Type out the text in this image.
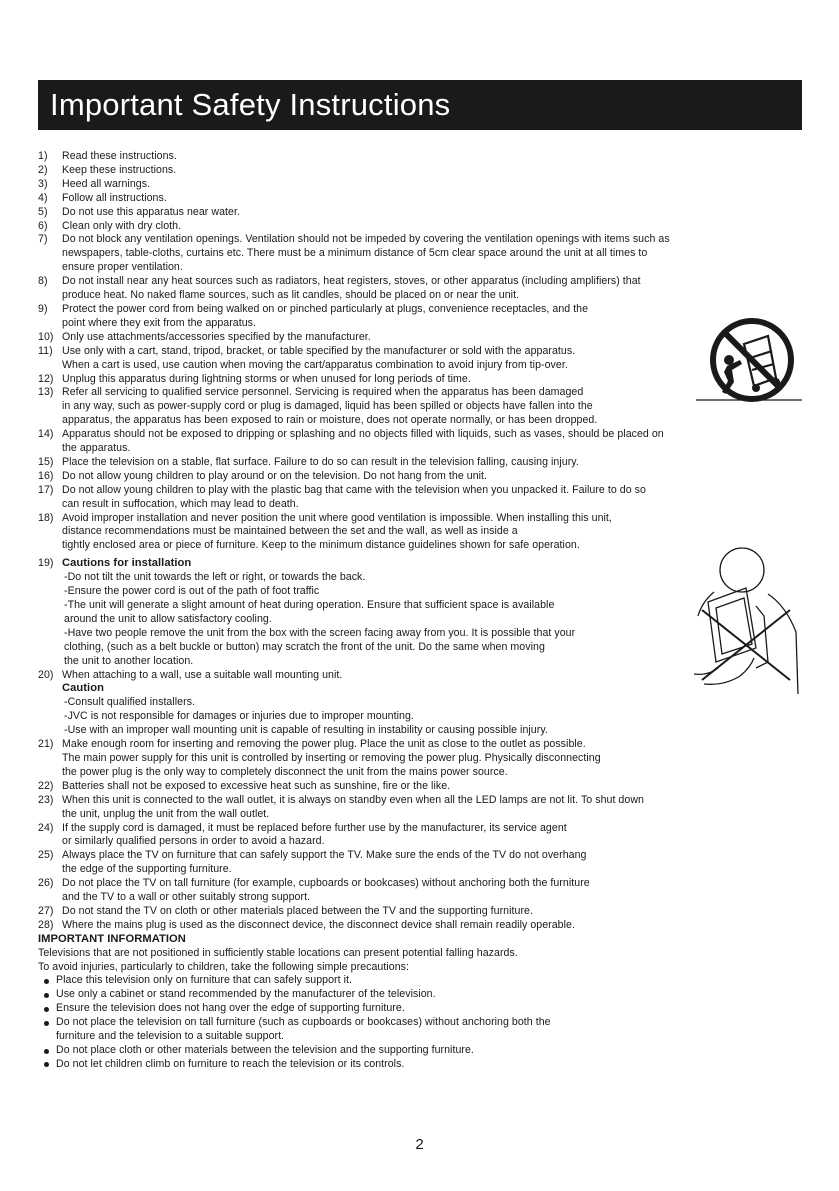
Important Safety Instructions
1) Read these instructions.
2) Keep these instructions.
3) Heed all warnings.
4) Follow all instructions.
5) Do not use this apparatus near water.
6) Clean only with dry cloth.
7) Do not block any ventilation openings. Ventilation should not be impeded by covering the ventilation openings with items such as
newspapers, table-cloths, curtains etc. There must be a minimum distance of 5cm clear space around the unit at all times to
ensure proper ventilation.
8) Do not install near any heat sources such as radiators, heat registers, stoves, or other apparatus (including amplifiers) that
produce heat. No naked flame sources, such as lit candles, should be placed on or near the unit.
9) Protect the power cord from being walked on or pinched particularly at plugs, convenience receptacles, and the
point where they exit from the apparatus.
10) Only use attachments/accessories specified by the manufacturer.
11) Use only with a cart, stand, tripod, bracket, or table specified by the manufacturer or sold with the apparatus.
When a cart is used, use caution when moving the cart/apparatus combination to avoid injury from tip-over.
12) Unplug this apparatus during lightning storms or when unused for long periods of time.
13) Refer all servicing to qualified service personnel. Servicing is required when the apparatus has been damaged
in any way, such as power-supply cord or plug is damaged, liquid has been spilled or objects have fallen into the
apparatus, the apparatus has been exposed to rain or moisture, does not operate normally, or has been dropped.
14) Apparatus should not be exposed to dripping or splashing and no objects filled with liquids, such as vases, should be placed on
the apparatus.
15) Place the television on a stable, flat surface. Failure to do so can result in the television falling, causing injury.
16) Do not allow young children to play around or on the television. Do not hang from the unit.
17) Do not allow young children to play with the plastic bag that came with the television when you unpacked it. Failure to do so
can result in suffocation, which may lead to death.
18) Avoid improper installation and never position the unit where good ventilation is impossible. When installing this unit,
distance recommendations must be maintained between the set and the wall, as well as inside a
tightly enclosed area or piece of furniture. Keep to the minimum distance guidelines shown for safe operation.
19) Cautions for installation
-Do not tilt the unit towards the left or right, or towards the back.
-Ensure the power cord is out of the path of foot traffic
-The unit will generate a slight amount of heat during operation. Ensure that sufficient space is available
around the unit to allow satisfactory cooling.
-Have two people remove the unit from the box with the screen facing away from you. It is possible that your
clothing, (such as a belt buckle or button) may scratch the front of the unit. Do the same when moving
the unit to another location.
20) When attaching to a wall, use a suitable wall mounting unit.
Caution
-Consult qualified installers.
-JVC is not responsible for damages or injuries due to improper mounting.
-Use with an improper wall mounting unit is capable of resulting in instability or causing possible injury.
21) Make enough room for inserting and removing the power plug. Place the unit as close to the outlet as possible.
The main power supply for this unit is controlled by inserting or removing the power plug. Physically disconnecting
the power plug is the only way to completely disconnect the unit from the mains power source.
22) Batteries shall not be exposed to excessive heat such as sunshine, fire or the like.
23) When this unit is connected to the wall outlet, it is always on standby even when all the LED lamps are not lit. To shut down
the unit, unplug the unit from the wall outlet.
24) If the supply cord is damaged, it must be replaced before further use by the manufacturer, its service agent
or similarly qualified persons in order to avoid a hazard.
25) Always place the TV on furniture that can safely support the TV. Make sure the ends of the TV do not overhang
the edge of the supporting furniture.
26) Do not place the TV on tall furniture (for example, cupboards or bookcases) without anchoring both the furniture
and the TV to a wall or other suitably strong support.
27) Do not stand the TV on cloth or other materials placed between the TV and the supporting furniture.
28) Where the mains plug is used as the disconnect device, the disconnect device shall remain readily operable.
IMPORTANT INFORMATION
Televisions that are not positioned in sufficiently stable locations can present potential falling hazards.
To avoid injuries, particularly to children, take the following simple precautions:
Place this television only on furniture that can safely support it.
Use only a cabinet or stand recommended by the manufacturer of the television.
Ensure the television does not hang over the edge of supporting furniture.
Do not place the television on tall furniture (such as cupboards or bookcases) without anchoring both the
furniture and the television to a suitable support.
Do not place cloth or other materials between the television and the supporting furniture.
Do not let children climb on furniture to reach the television or its controls.
2
